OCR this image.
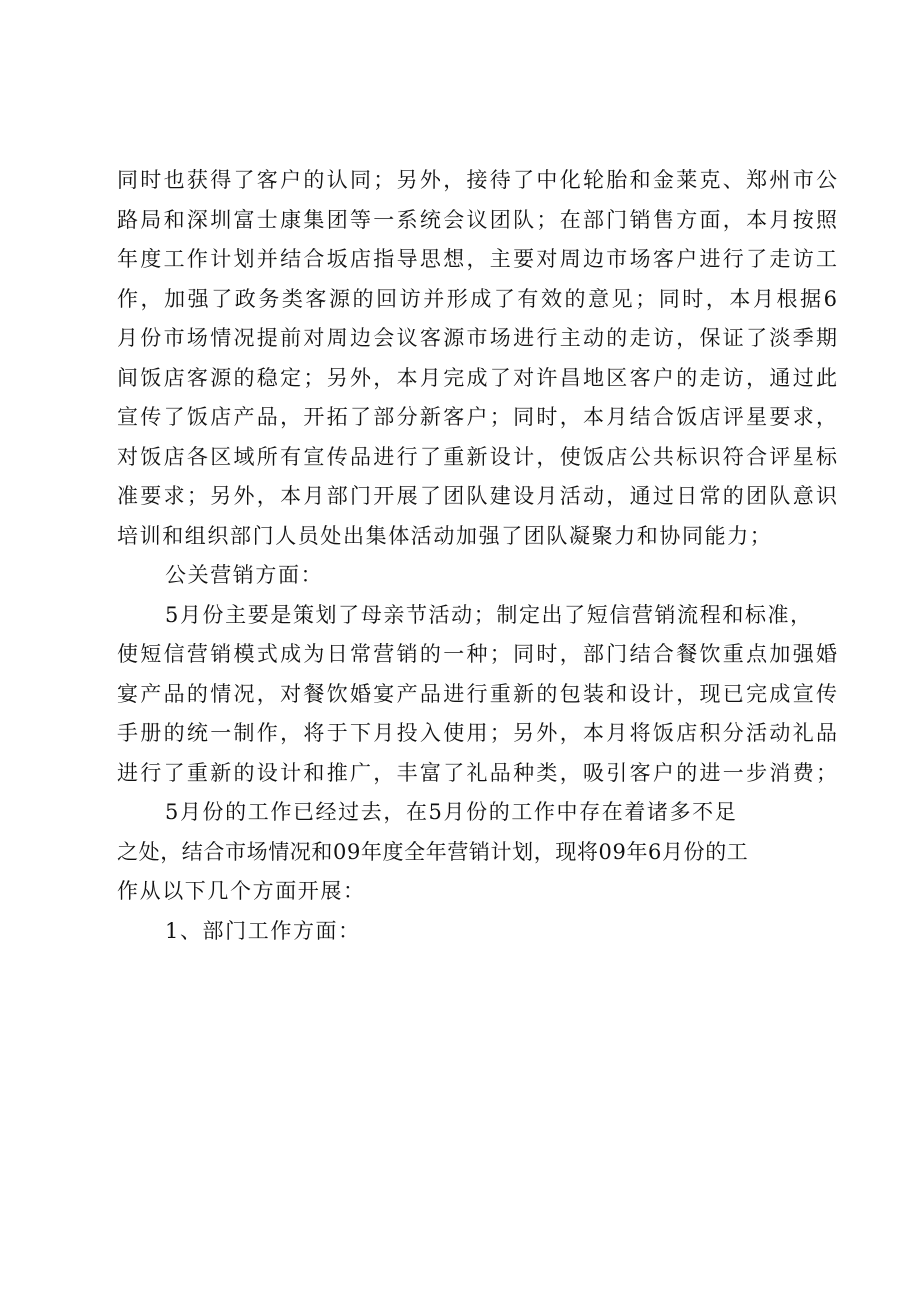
同时也获得了客户的认同；另外，接待了中化轮胎和金莱克、郑州市公
路局和深圳富士康集团等一系统会议团队；在部门销售方面，本月按照
年度工作计划并结合坂店指导思想，主要对周边市场客户进行了走访工
作，加强了政务类客源的回访并形成了有效的意见；同时，本月根据6
月份市场情况提前对周边会议客源市场进行主动的走访，保证了淡季期
间饭店客源的稳定；另外，本月完成了对许昌地区客户的走访，通过此
宣传了饭店产品，开拓了部分新客户；同时，本月结合饭店评星要求，
对饭店各区域所有宣传品进行了重新设计，使饭店公共标识符合评星标
准要求；另外，本月部门开展了团队建设月活动，通过日常的团队意识
培训和组织部门人员处出集体活动加强了团队凝聚力和协同能力；
公关营销方面：
5月份主要是策划了母亲节活动；制定出了短信营销流程和标准，
使短信营销模式成为日常营销的一种；同时，部门结合餐饮重点加强婚
宴产品的情况，对餐饮婚宴产品进行重新的包装和设计，现已完成宣传
手册的统一制作，将于下月投入使用；另外，本月将饭店积分活动礼品
进行了重新的设计和推广，丰富了礼品种类，吸引客户的进一步消费；
5月份的工作已经过去，在5月份的工作中存在着诸多不足
之处，结合市场情况和09年度全年营销计划，现将09年6月份的工
作从以下几个方面开展：
1、部门工作方面：
